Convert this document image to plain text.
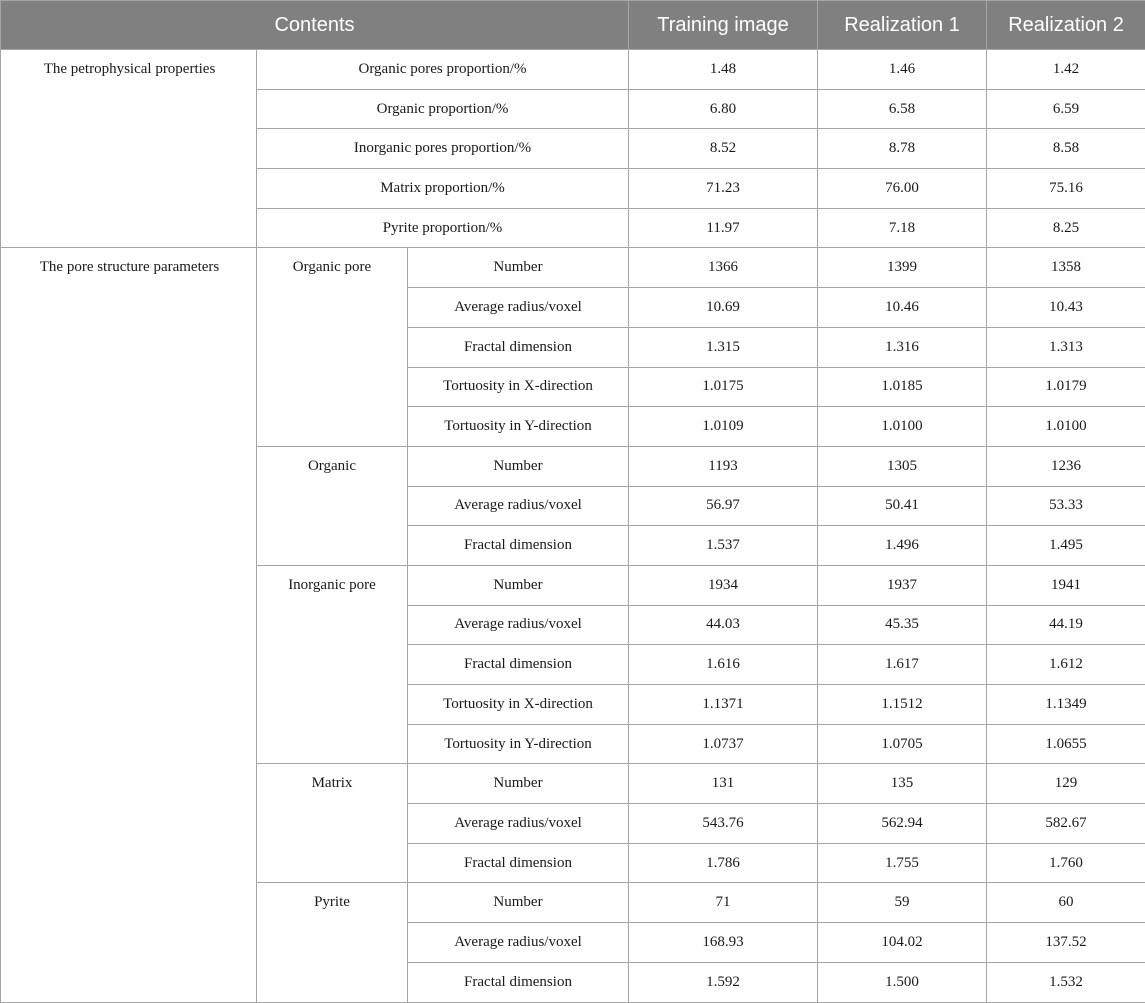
Contents			Training image	Realization 1	Realization 2
The petrophysical properties	Organic pores proportion/%		1.48	1.46	1.42
	Organic proportion/%		6.80	6.58	6.59
	Inorganic pores proportion/%		8.52	8.78	8.58
	Matrix proportion/%		71.23	76.00	75.16
	Pyrite proportion/%		11.97	7.18	8.25
The pore structure parameters	Organic pore	Number	1366	1399	1358
		Average radius/voxel	10.69	10.46	10.43
		Fractal dimension	1.315	1.316	1.313
		Tortuosity in X-direction	1.0175	1.0185	1.0179
		Tortuosity in Y-direction	1.0109	1.0100	1.0100
	Organic	Number	1193	1305	1236
		Average radius/voxel	56.97	50.41	53.33
		Fractal dimension	1.537	1.496	1.495
	Inorganic pore	Number	1934	1937	1941
		Average radius/voxel	44.03	45.35	44.19
		Fractal dimension	1.616	1.617	1.612
		Tortuosity in X-direction	1.1371	1.1512	1.1349
		Tortuosity in Y-direction	1.0737	1.0705	1.0655
	Matrix	Number	131	135	129
		Average radius/voxel	543.76	562.94	582.67
		Fractal dimension	1.786	1.755	1.760
	Pyrite	Number	71	59	60
		Average radius/voxel	168.93	104.02	137.52
		Fractal dimension	1.592	1.500	1.532
